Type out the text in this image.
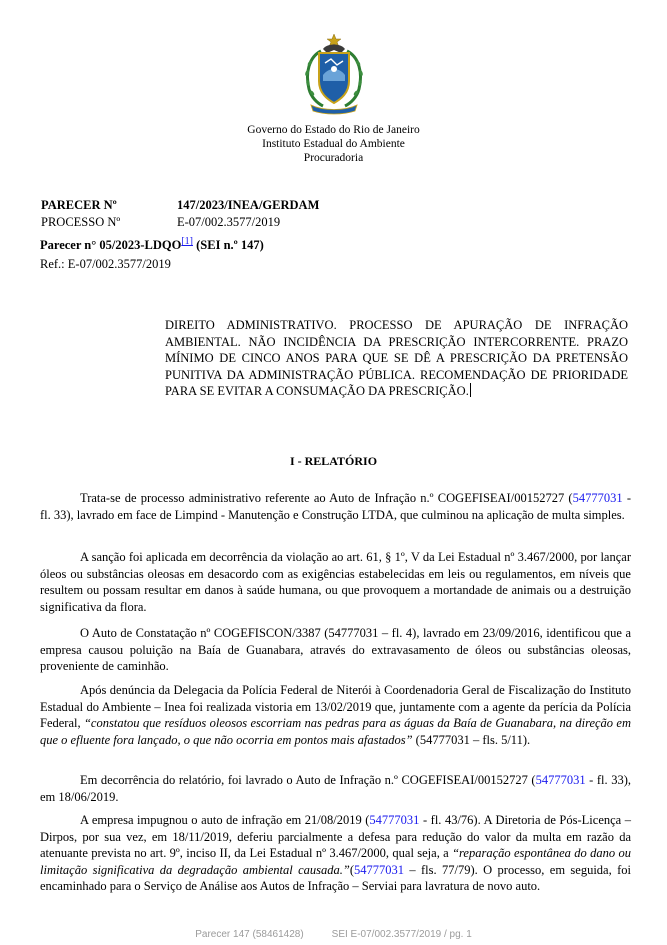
Governo do Estado do Rio de Janeiro
Instituto Estadual do Ambiente
Procuradoria
PARECER Nº	147/2023/INEA/GERDAM
PROCESSO Nº	E-07/002.3577/2019
Parecer n° 05/2023-LDQO[1] (SEI n.º 147)
Ref.: E-07/002.3577/2019
DIREITO ADMINISTRATIVO. PROCESSO DE APURAÇÃO DE INFRAÇÃO AMBIENTAL. NÃO INCIDÊNCIA DA PRESCRIÇÃO INTERCORRENTE. PRAZO MÍNIMO DE CINCO ANOS PARA QUE SE DÊ A PRESCRIÇÃO DA PRETENSÃO PUNITIVA DA ADMINISTRAÇÃO PÚBLICA. RECOMENDAÇÃO DE PRIORIDADE PARA SE EVITAR A CONSUMAÇÃO DA PRESCRIÇÃO.
I - RELATÓRIO

Trata-se de processo administrativo referente ao Auto de Infração n.º COGEFISEAI/00152727 (54777031 - fl. 33), lavrado em face de Limpind - Manutenção e Construção LTDA, que culminou na aplicação de multa simples.

A sanção foi aplicada em decorrência da violação ao art. 61, § 1º, V da Lei Estadual nº 3.467/2000, por lançar óleos ou substâncias oleosas em desacordo com as exigências estabelecidas em leis ou regulamentos, em níveis que resultem ou possam resultar em danos à saúde humana, ou que provoquem a mortandade de animais ou a destruição significativa da flora.

O Auto de Constatação nº COGEFISCON/3387 (54777031 – fl. 4), lavrado em 23/09/2016, identificou que a empresa causou poluição na Baía de Guanabara, através do extravasamento de óleos ou substâncias oleosas, proveniente de caminhão.

Após denúncia da Delegacia da Polícia Federal de Niterói à Coordenadoria Geral de Fiscalização do Instituto Estadual do Ambiente – Inea foi realizada vistoria em 13/02/2019 que, juntamente com a agente da perícia da Polícia Federal, “constatou que resíduos oleosos escorriam nas pedras para as águas da Baía de Guanabara, na direção em que o efluente fora lançado, o que não ocorria em pontos mais afastados” (54777031 – fls. 5/11).

Em decorrência do relatório, foi lavrado o Auto de Infração n.º COGEFISEAI/00152727 (54777031 - fl. 33), em 18/06/2019.

A empresa impugnou o auto de infração em 21/08/2019 (54777031 - fl. 43/76). A Diretoria de Pós-Licença – Dirpos, por sua vez, em 18/11/2019, deferiu parcialmente a defesa para redução do valor da multa em razão da atenuante prevista no art. 9º, inciso II, da Lei Estadual nº 3.467/2000, qual seja, a “reparação espontânea do dano ou limitação significativa da degradação ambiental causada.”(54777031 – fls. 77/79). O processo, em seguida, foi encaminhado para o Serviço de Análise aos Autos de Infração – Serviai para lavratura de novo auto.

Parecer 147 (58461428)	SEI E-07/002.3577/2019 / pg. 1
